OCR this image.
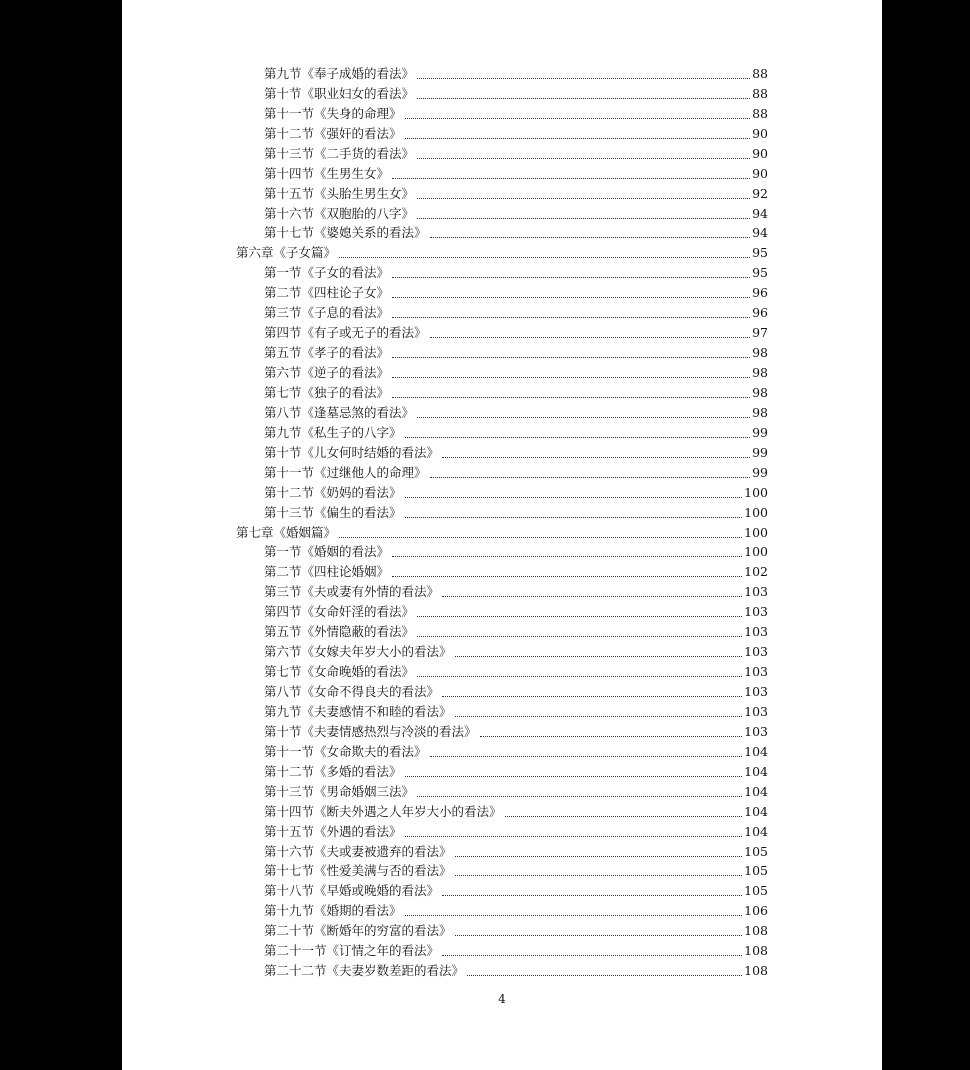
第九节《奉子成婚的看法》	88
第十节《职业妇女的看法》	88
第十一节《失身的命理》	88
第十二节《强奸的看法》	90
第十三节《二手货的看法》	90
第十四节《生男生女》	90
第十五节《头胎生男生女》	92
第十六节《双胞胎的八字》	94
第十七节《婆媳关系的看法》	94
第六章《子女篇》	95
第一节《子女的看法》	95
第二节《四柱论子女》	96
第三节《子息的看法》	96
第四节《有子或无子的看法》	97
第五节《孝子的看法》	98
第六节《逆子的看法》	98
第七节《独子的看法》	98
第八节《逢墓忌煞的看法》	98
第九节《私生子的八字》	99
第十节《儿女何时结婚的看法》	99
第十一节《过继他人的命理》	99
第十二节《奶妈的看法》	100
第十三节《偏生的看法》	100
第七章《婚姻篇》	100
第一节《婚姻的看法》	100
第二节《四柱论婚姻》	102
第三节《夫或妻有外情的看法》	103
第四节《女命奸淫的看法》	103
第五节《外情隐蔽的看法》	103
第六节《女嫁夫年岁大小的看法》	103
第七节《女命晚婚的看法》	103
第八节《女命不得良夫的看法》	103
第九节《夫妻感情不和睦的看法》	103
第十节《夫妻情感热烈与冷淡的看法》	103
第十一节《女命欺夫的看法》	104
第十二节《多婚的看法》	104
第十三节《男命婚姻三法》	104
第十四节《断夫外遇之人年岁大小的看法》	104
第十五节《外遇的看法》	104
第十六节《夫或妻被遗弃的看法》	105
第十七节《性爱美满与否的看法》	105
第十八节《早婚或晚婚的看法》	105
第十九节《婚期的看法》	106
第二十节《断婚年的穷富的看法》	108
第二十一节《订情之年的看法》	108
第二十二节《夫妻岁数差距的看法》	108
4
